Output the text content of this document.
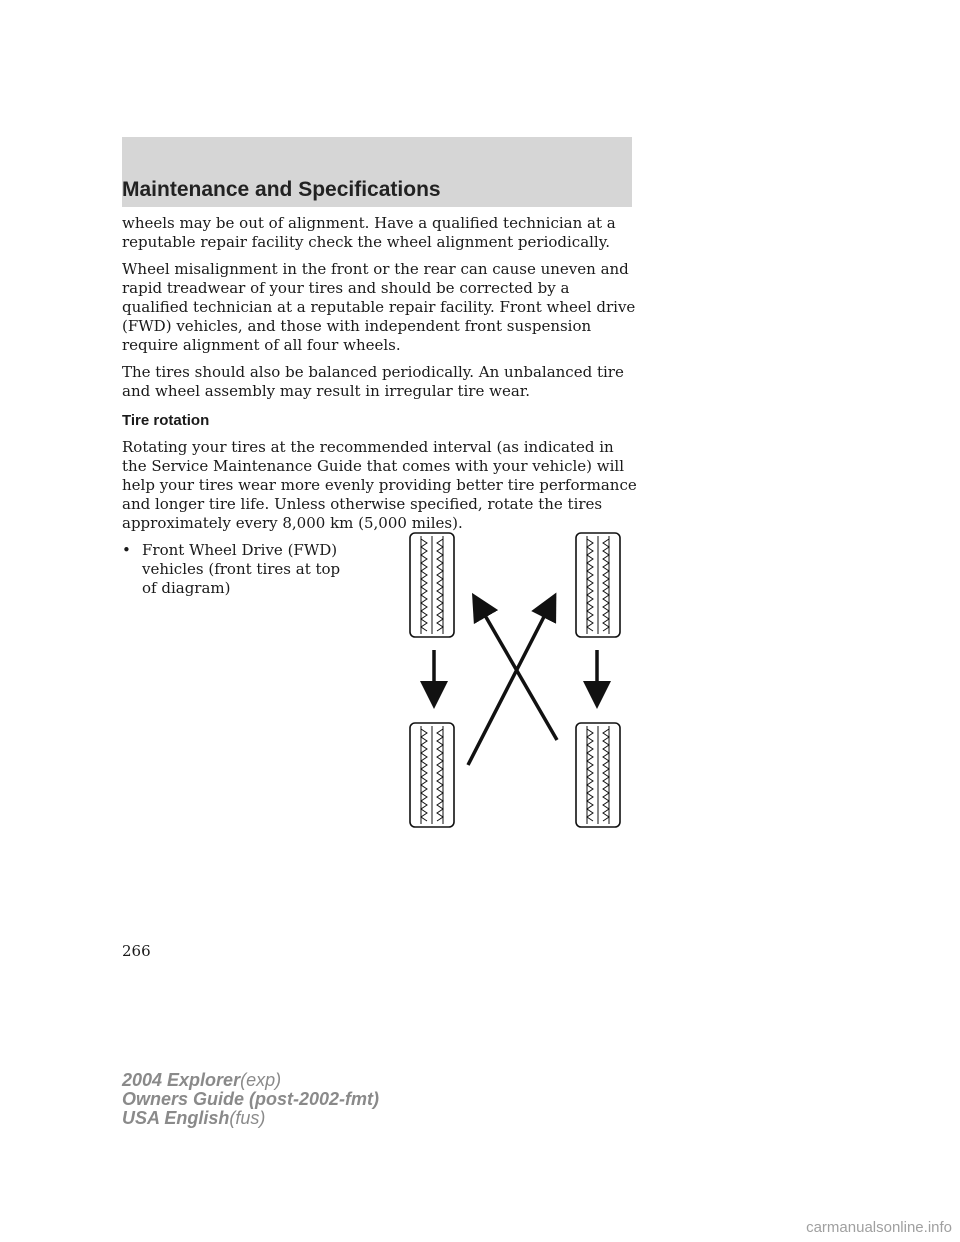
Maintenance and Specifications

wheels may be out of alignment. Have a qualified technician at a reputable repair facility check the wheel alignment periodically.

Wheel misalignment in the front or the rear can cause uneven and rapid treadwear of your tires and should be corrected by a qualified technician at a reputable repair facility. Front wheel drive (FWD) vehicles, and those with independent front suspension require alignment of all four wheels.

The tires should also be balanced periodically. An unbalanced tire and wheel assembly may result in irregular tire wear.

Tire rotation

Rotating your tires at the recommended interval (as indicated in the Service Maintenance Guide that comes with your vehicle) will help your tires wear more evenly providing better tire performance and longer tire life. Unless otherwise specified, rotate the tires approximately every 8,000 km (5,000 miles).

• Front Wheel Drive (FWD) vehicles (front tires at top of diagram)
266
2004 Explorer(exp)
Owners Guide (post-2002-fmt)
USA English(fus)
carmanualsonline.info
